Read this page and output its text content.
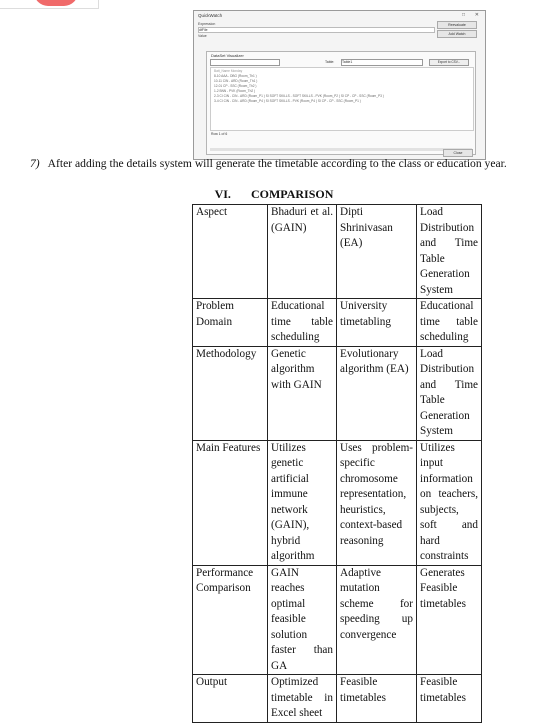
QuickWatch	□ ✕
Expression
dtFile
Value
Reevaluate
Add Watch
DataSet Visualizer
Table: Table1	Export to CSV...
Batt_Name Monday
8-10 AAA - DBG (Room_Th1 )
10-11 CIN - ARD (Room_Th1 )
12-01 CP - SSC (Room_Th2 )
1-2 BNN - PVK (Room_Th2 )
2-3 CI CIN - CIN - ARD (Room_P1 ) SI SOFT SKILLS - SOFT SKILLS - PVK (Room_P2 ) SI CP - CP - SSC (Room_P3 )
3-4 CI CIN - CIN - ARD (Room_P4 ) SI SOFT SKILLS - PVK (Room_P4 ) SI CP - CP - SSC (Room_P1 )
Row 1 of 6
Close
7) After adding the details system will generate the timetable according to the class or education year.
VI. COMPARISON
Aspect	Bhaduri et al. (GAIN)	Dipti Shrinivasan (EA)	Load Distribution and Time Table Generation System
Problem Domain	Educational time table scheduling	University timetabling	Educational time table scheduling
Methodology	Genetic algorithm with GAIN	Evolutionary algorithm (EA)	Load Distribution and Time Table Generation System
Main Features	Utilizes genetic artificial immune network (GAIN), hybrid algorithm	Uses problem-specific chromosome representation, heuristics, context-based reasoning	Utilizes input information on teachers, subjects, soft and hard constraints
Performance Comparison	GAIN reaches optimal feasible solution faster than GA	Adaptive mutation scheme for speeding up convergence	Generates Feasible timetables
Output	Optimized timetable in Excel sheet	Feasible timetables	Feasible timetables
